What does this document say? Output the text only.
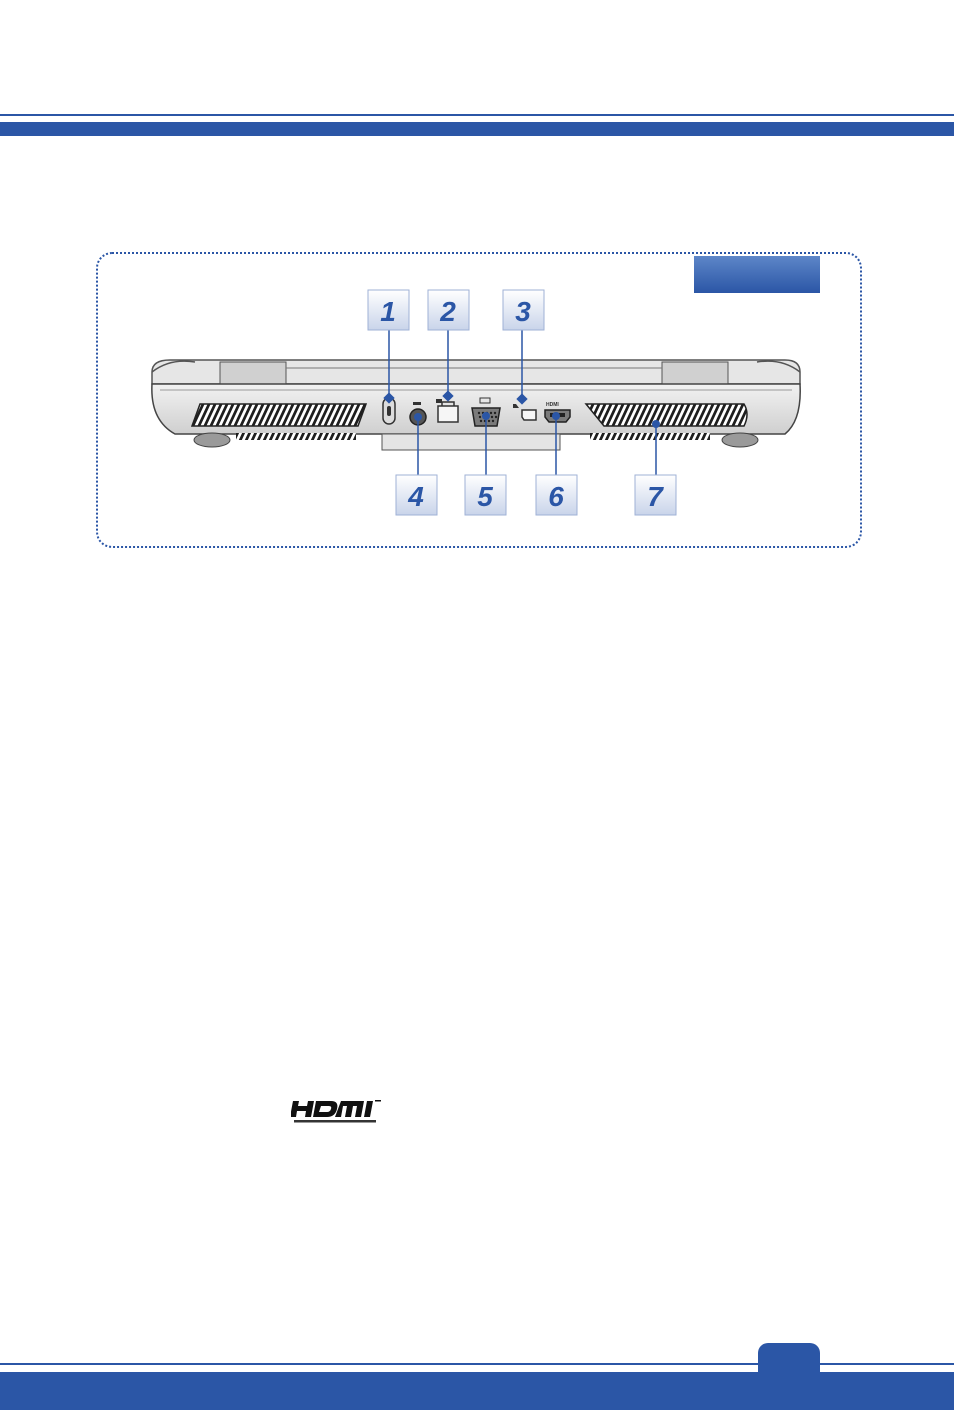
HDMI
1 2 3
4 5 6	7
